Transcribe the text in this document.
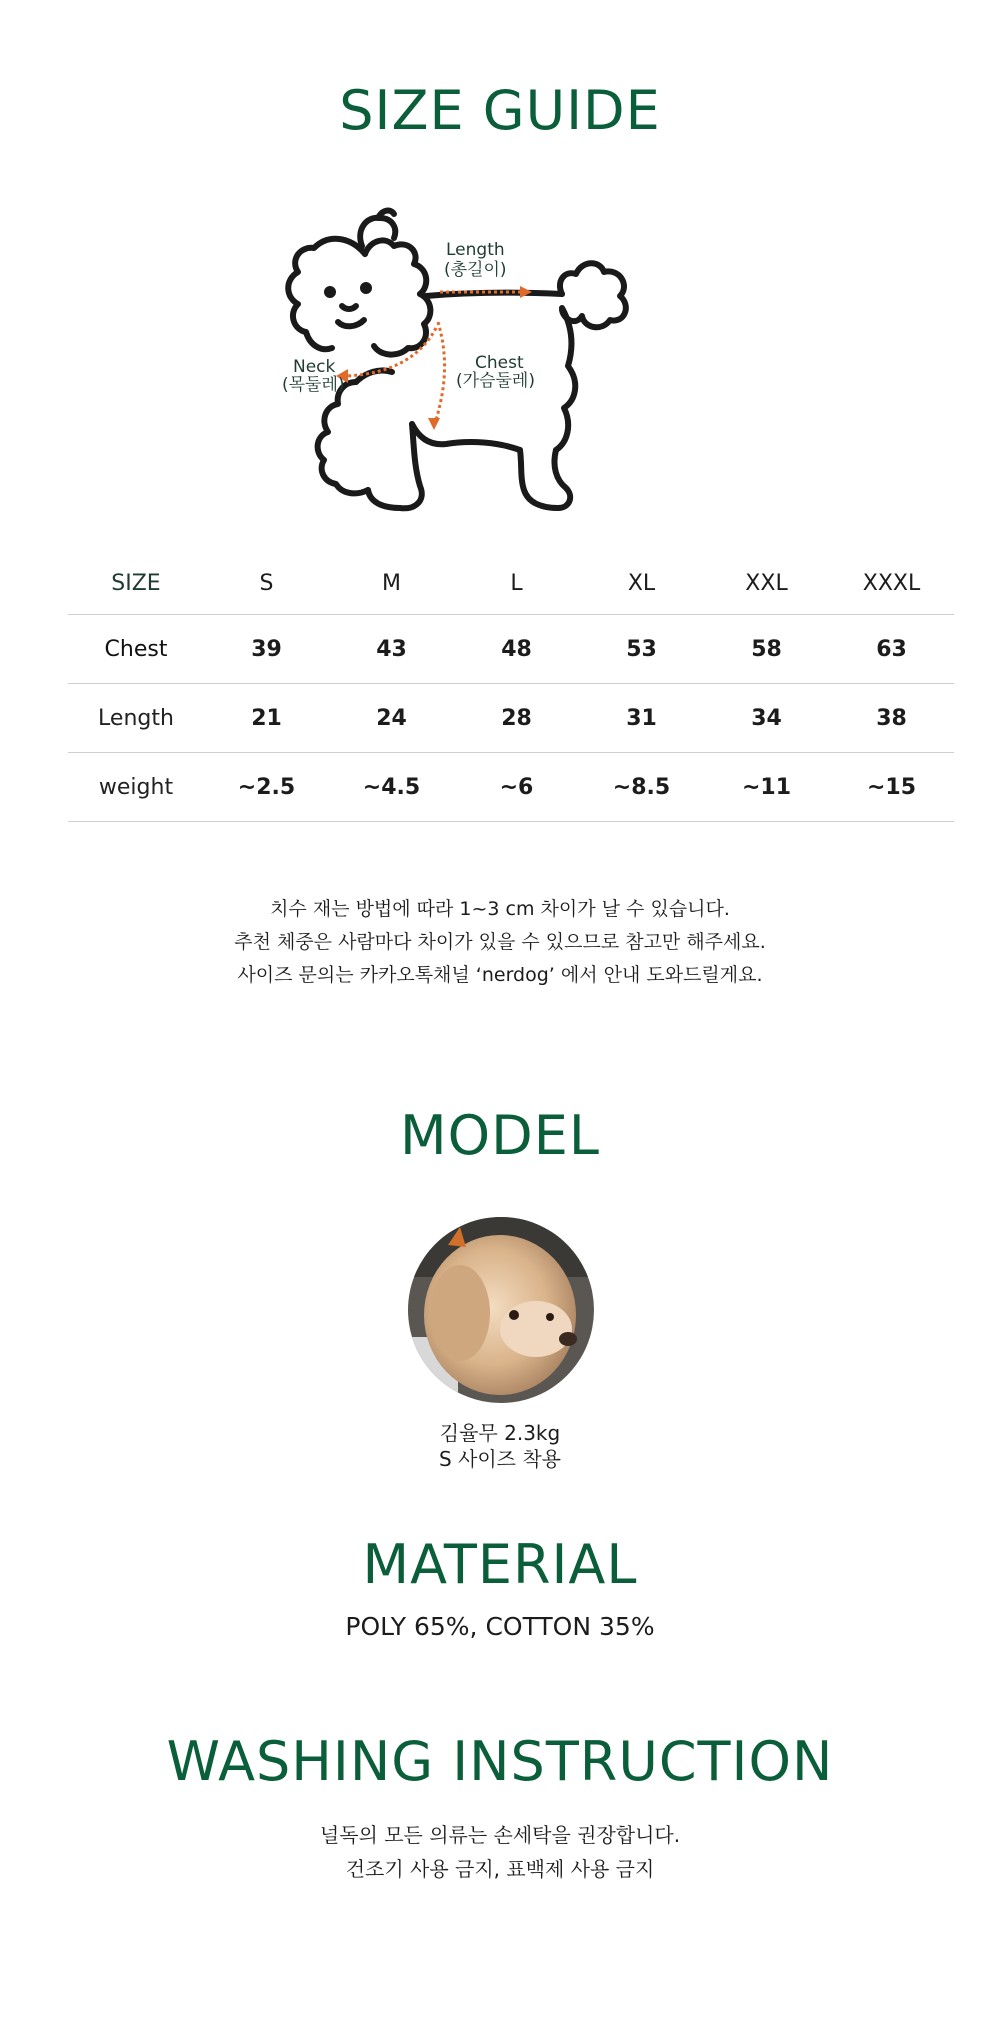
SIZE GUIDE
Length
(총길이)
Neck
(목둘레)
Chest
(가슴둘레)
SIZE	S	M	L	XL	XXL	XXXL
Chest	39	43	48	53	58	63
Length	21	24	28	31	34	38
weight	~2.5	~4.5	~6	~8.5	~11	~15
치수 재는 방법에 따라 1~3 cm 차이가 날 수 있습니다.
추천 체중은 사람마다 차이가 있을 수 있으므로 참고만 해주세요.
사이즈 문의는 카카오톡채널 ‘nerdog’ 에서 안내 도와드릴게요.
MODEL
김율무 2.3kg
S 사이즈 착용
MATERIAL
POLY 65%, COTTON 35%
WASHING INSTRUCTION
널독의 모든 의류는 손세탁을 권장합니다.
건조기 사용 금지, 표백제 사용 금지
